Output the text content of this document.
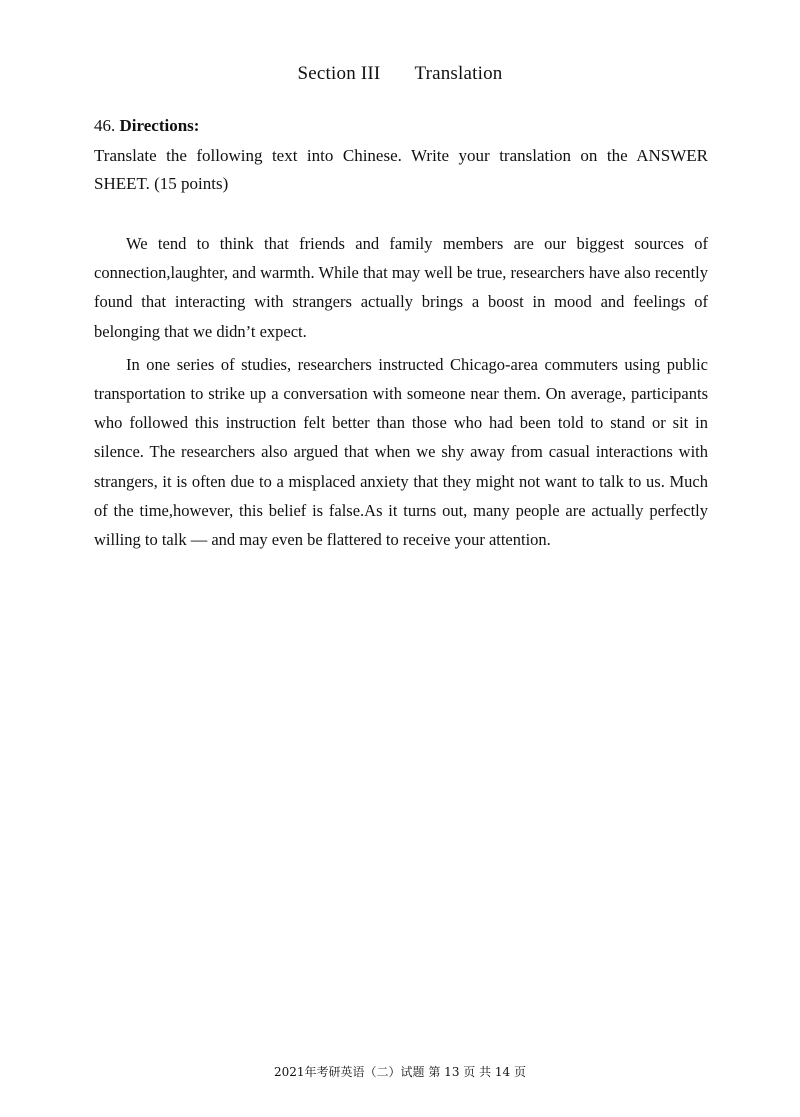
Section III Translation
46. Directions:

Translate the following text into Chinese. Write your translation on the ANSWER SHEET. (15 points)

We tend to think that friends and family members are our biggest sources of connection,laughter, and warmth. While that may well be true, researchers have also recently found that interacting with strangers actually brings a boost in mood and feelings of belonging that we didn’t expect.

In one series of studies, researchers instructed Chicago-area commuters using public transportation to strike up a conversation with someone near them. On average, participants who followed this instruction felt better than those who had been told to stand or sit in silence. The researchers also argued that when we shy away from casual interactions with strangers, it is often due to a misplaced anxiety that they might not want to talk to us. Much of the time,however, this belief is false.As it turns out, many people are actually perfectly willing to talk — and may even be flattered to receive your attention.

2021年考研英语（二）试题 第 13 页 共 14 页
